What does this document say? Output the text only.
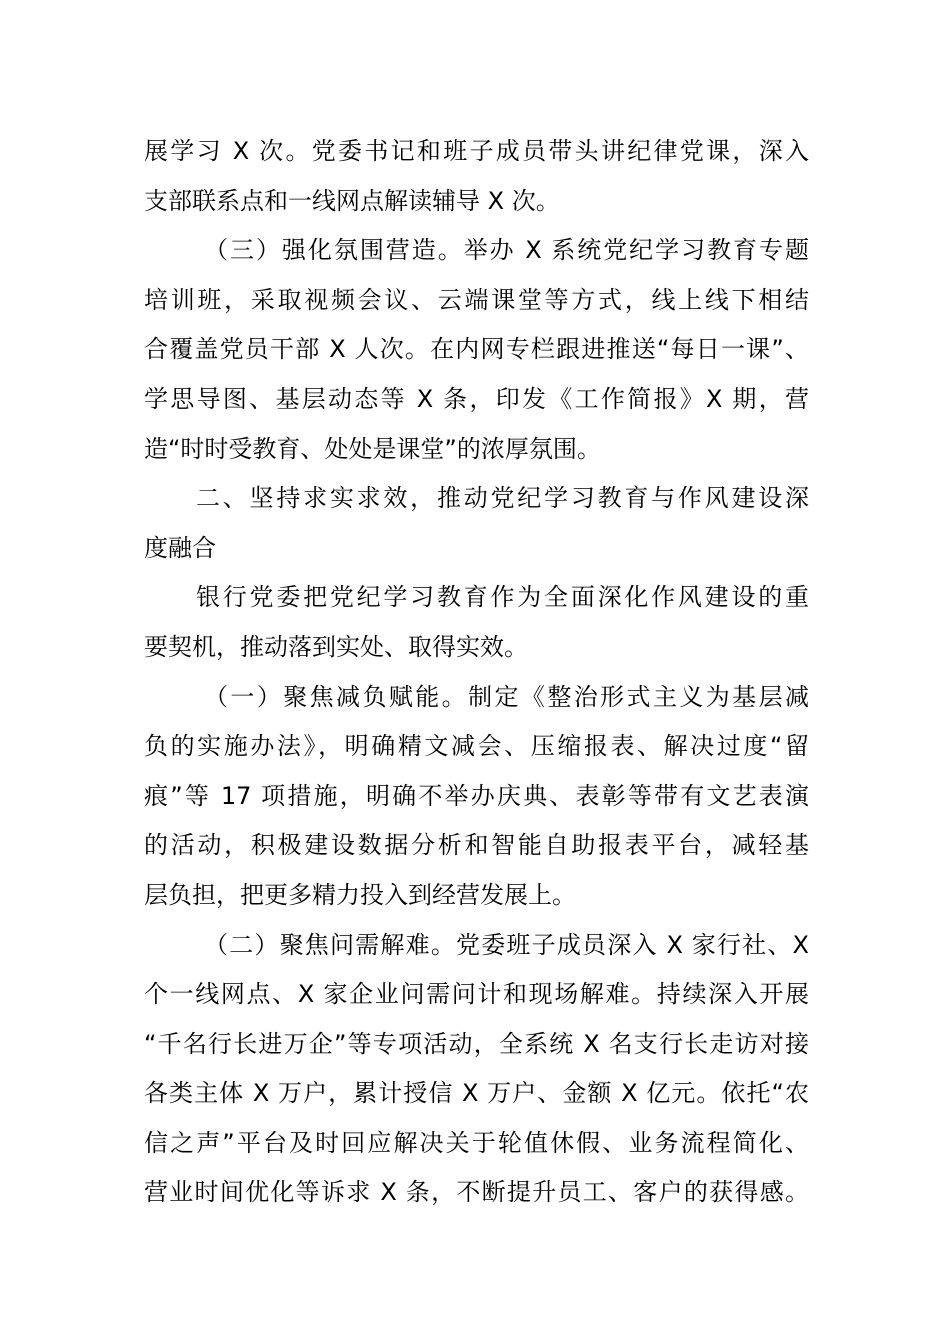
展学习 X 次。党委书记和班子成员带头讲纪律党课，深入
支部联系点和一线网点解读辅导 X 次。
（三）强化氛围营造。举办 X 系统党纪学习教育专题
培训班，采取视频会议、云端课堂等方式，线上线下相结
合覆盖党员干部 X 人次。在内网专栏跟进推送“每日一课”、
学思导图、基层动态等 X 条，印发《工作简报》X 期，营
造“时时受教育、处处是课堂”的浓厚氛围。
二、坚持求实求效，推动党纪学习教育与作风建设深
度融合
银行党委把党纪学习教育作为全面深化作风建设的重
要契机，推动落到实处、取得实效。
（一）聚焦减负赋能。制定《整治形式主义为基层减
负的实施办法》，明确精文减会、压缩报表、解决过度“留
痕”等 17 项措施，明确不举办庆典、表彰等带有文艺表演
的活动，积极建设数据分析和智能自助报表平台，减轻基
层负担，把更多精力投入到经营发展上。
（二）聚焦问需解难。党委班子成员深入 X 家行社、X
个一线网点、X 家企业问需问计和现场解难。持续深入开展
“千名行长进万企”等专项活动，全系统 X 名支行长走访对接
各类主体 X 万户，累计授信 X 万户、金额 X 亿元。依托“农
信之声”平台及时回应解决关于轮值休假、业务流程简化、
营业时间优化等诉求 X 条，不断提升员工、客户的获得感。
